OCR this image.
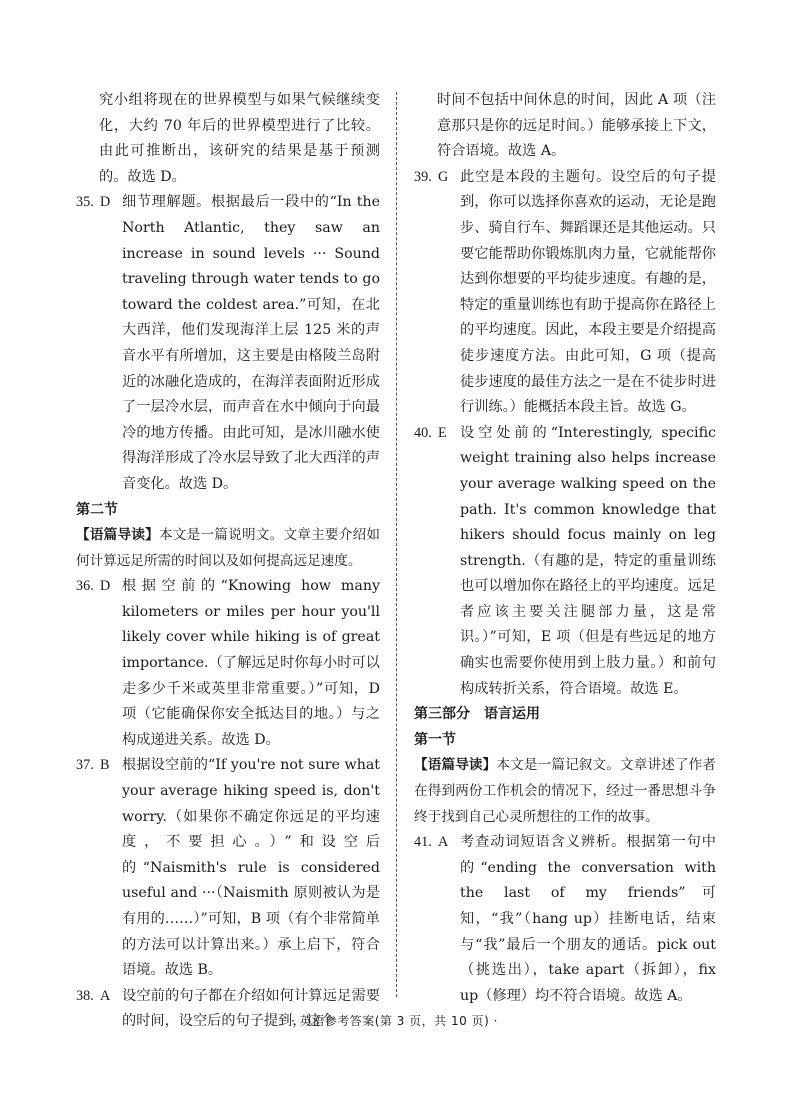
究小组将现在的世界模型与如果气候继续变化，大约 70 年后的世界模型进行了比较。由此可推断出，该研究的结果是基于预测的。故选 D。
35. D 细节理解题。根据最后一段中的“In the North Atlantic, they saw an increase in sound levels ··· Sound traveling through water tends to go toward the coldest area.”可知，在北大西洋，他们发现海洋上层 125 米的声音水平有所增加，这主要是由格陵兰岛附近的冰融化造成的，在海洋表面附近形成了一层冷水层，而声音在水中倾向于向最冷的地方传播。由此可知，是冰川融水使得海洋形成了冷水层导致了北大西洋的声音变化。故选 D。
第二节
【语篇导读】本文是一篇说明文。文章主要介绍如何计算远足所需的时间以及如何提高远足速度。
36. D 根据空前的“Knowing how many kilometers or miles per hour you'll likely cover while hiking is of great importance.（了解远足时你每小时可以走多少千米或英里非常重要。）”可知，D 项（它能确保你安全抵达目的地。）与之构成递进关系。故选 D。
37. B 根据设空前的“If you're not sure what your average hiking speed is, don't worry.（如果你不确定你远足的平均速度，不要担心。）”和设空后的“Naismith's rule is considered useful and ···（Naismith 原则被认为是有用的……）”可知，B 项（有个非常简单的方法可以计算出来。）承上启下，符合语境。故选 B。
38. A 设空前的句子都在介绍如何计算远足需要的时间，设空后的句子提到，这个
时间不包括中间休息的时间，因此 A 项（注意那只是你的远足时间。）能够承接上下文，符合语境。故选 A。
39. G 此空是本段的主题句。设空后的句子提到，你可以选择你喜欢的运动，无论是跑步、骑自行车、舞蹈课还是其他运动。只要它能帮助你锻炼肌肉力量，它就能帮你达到你想要的平均徒步速度。有趣的是，特定的重量训练也有助于提高你在路径上的平均速度。因此，本段主要是介绍提高徒步速度方法。由此可知，G 项（提高徒步速度的最佳方法之一是在不徒步时进行训练。）能概括本段主旨。故选 G。
40. E 设空处前的“Interestingly, specific weight training also helps increase your average walking speed on the path. It's common knowledge that hikers should focus mainly on leg strength.（有趣的是，特定的重量训练也可以增加你在路径上的平均速度。远足者应该主要关注腿部力量，这是常识。）”可知，E 项（但是有些远足的地方确实也需要你使用到上肢力量。）和前句构成转折关系，符合语境。故选 E。
第三部分　语言运用
第一节
【语篇导读】本文是一篇记叙文。文章讲述了作者在得到两份工作机会的情况下，经过一番思想斗争终于找到自己心灵所想往的工作的故事。
41. A 考查动词短语含义辨析。根据第一句中的“ending the conversation with the last of my friends”可知，“我”（hang up）挂断电话，结束与“我”最后一个朋友的通话。pick out（挑选出），take apart（拆卸），fix up（修理）均不符合语境。故选 A。
· 英语参考答案(第 3 页，共 10 页) ·
